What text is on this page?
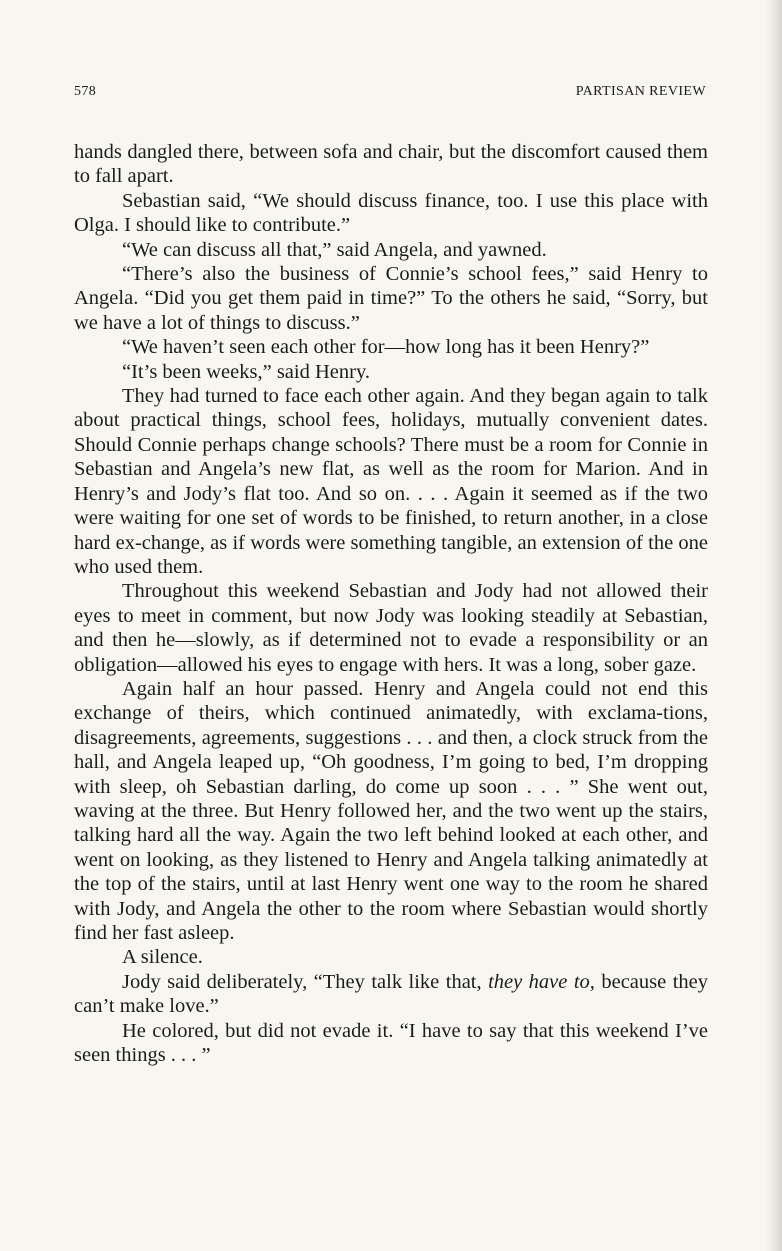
578	PARTISAN REVIEW

hands dangled there, between sofa and chair, but the discomfort caused them to fall apart.

Sebastian said, “We should discuss finance, too. I use this place with Olga. I should like to contribute.”

“We can discuss all that,” said Angela, and yawned.

“There’s also the business of Connie’s school fees,” said Henry to Angela. “Did you get them paid in time?” To the others he said, “Sorry, but we have a lot of things to discuss.”

“We haven’t seen each other for—how long has it been Henry?”

“It’s been weeks,” said Henry.

They had turned to face each other again. And they began again to talk about practical things, school fees, holidays, mutually convenient dates. Should Connie perhaps change schools? There must be a room for Connie in Sebastian and Angela’s new flat, as well as the room for Marion. And in Henry’s and Jody’s flat too. And so on. . . . Again it seemed as if the two were waiting for one set of words to be finished, to return another, in a close hard ex-change, as if words were something tangible, an extension of the one who used them.

Throughout this weekend Sebastian and Jody had not allowed their eyes to meet in comment, but now Jody was looking steadily at Sebastian, and then he—slowly, as if determined not to evade a responsibility or an obligation—allowed his eyes to engage with hers. It was a long, sober gaze.

Again half an hour passed. Henry and Angela could not end this exchange of theirs, which continued animatedly, with exclama-tions, disagreements, agreements, suggestions . . . and then, a clock struck from the hall, and Angela leaped up, “Oh goodness, I’m going to bed, I’m dropping with sleep, oh Sebastian darling, do come up soon . . . ” She went out, waving at the three. But Henry followed her, and the two went up the stairs, talking hard all the way. Again the two left behind looked at each other, and went on looking, as they listened to Henry and Angela talking animatedly at the top of the stairs, until at last Henry went one way to the room he shared with Jody, and Angela the other to the room where Sebastian would shortly find her fast asleep.

A silence.

Jody said deliberately, “They talk like that, they have to, because they can’t make love.”

He colored, but did not evade it. “I have to say that this weekend I’ve seen things . . . ”
